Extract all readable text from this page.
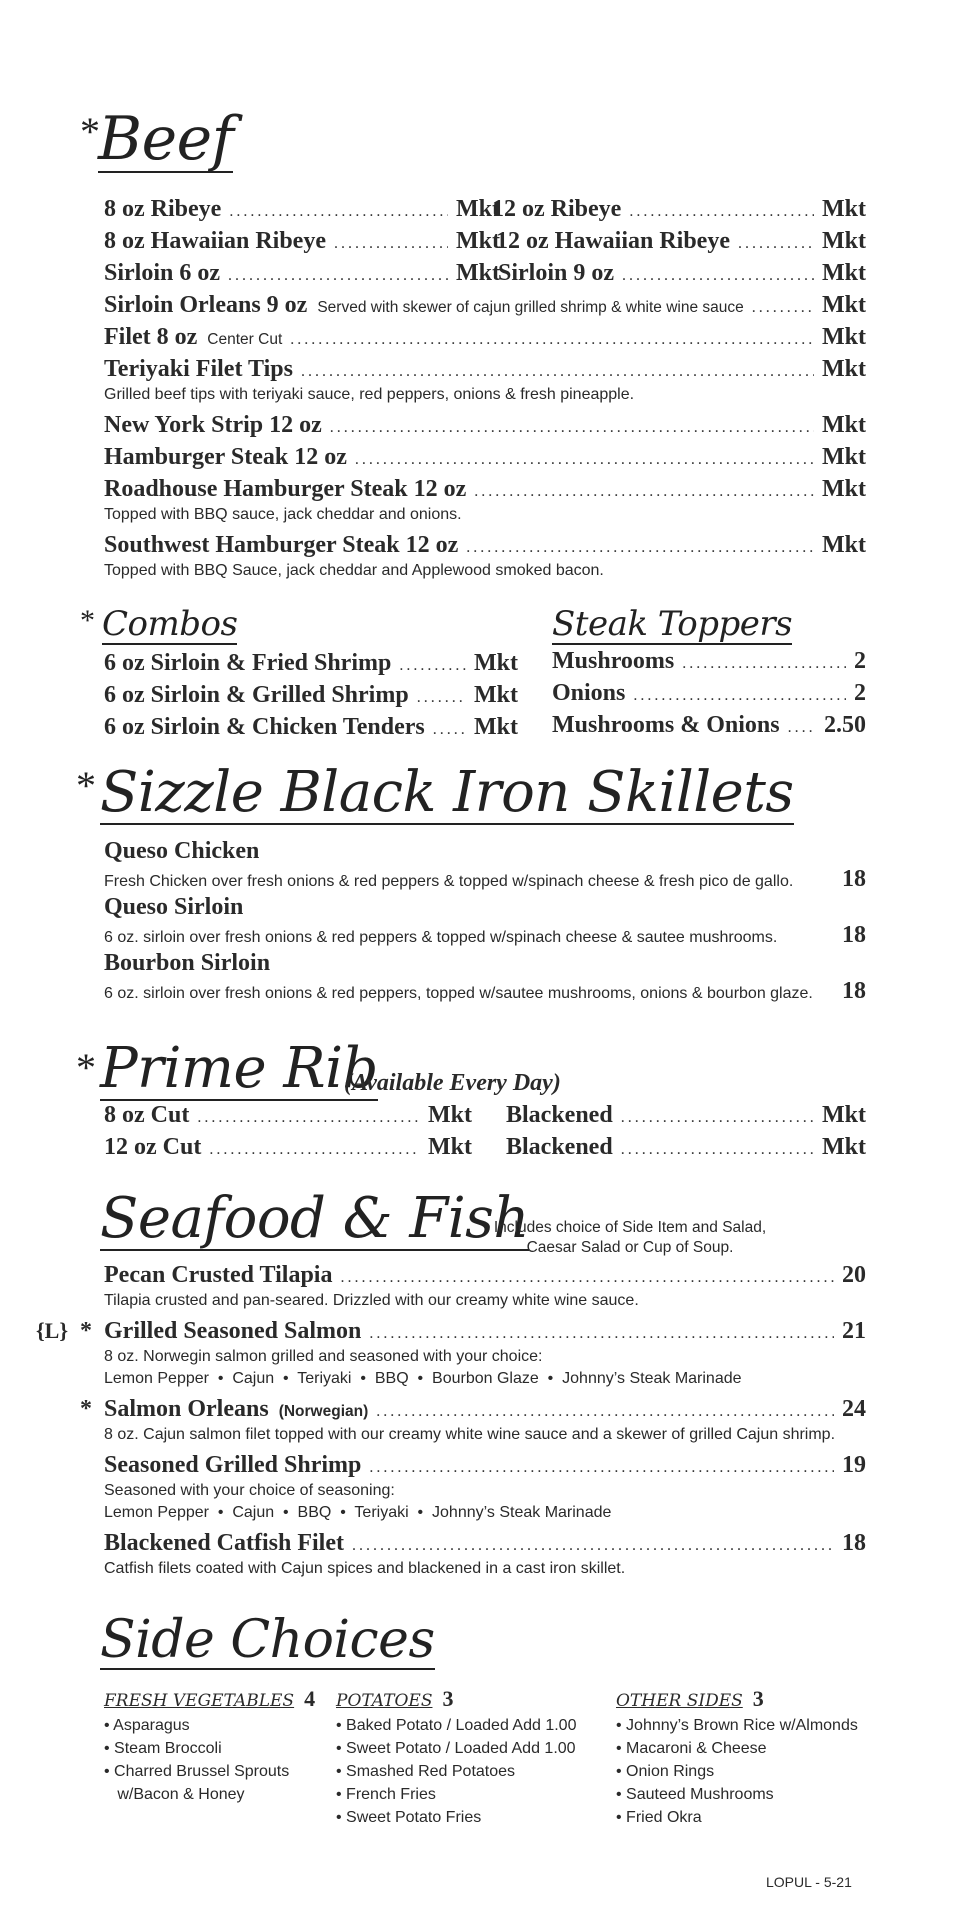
*
Beef
8 oz Ribeye .....	Mkt
12 oz Ribeye .....	Mkt
8 oz Hawaiian Ribeye .....	Mkt
12 oz Hawaiian Ribeye .....	Mkt
Sirloin 6 oz .....	Mkt
Sirloin 9 oz .....	Mkt
Sirloin Orleans 9 oz Served with skewer of cajun grilled shrimp & white wine sauce .....	Mkt
Filet 8 oz Center Cut .....	Mkt
Teriyaki Filet Tips .....	Mkt
Grilled beef tips with teriyaki sauce, red peppers, onions & fresh pineapple.
New York Strip 12 oz .....	Mkt
Hamburger Steak 12 oz .....	Mkt
Roadhouse Hamburger Steak 12 oz .....	Mkt
Topped with BBQ sauce, jack cheddar and onions.
Southwest Hamburger Steak 12 oz .....	Mkt
Topped with BBQ Sauce, jack cheddar and Applewood smoked bacon.
* Combos
6 oz Sirloin & Fried Shrimp .....	Mkt
6 oz Sirloin & Grilled Shrimp .....	Mkt
6 oz Sirloin & Chicken Tenders ..... Mkt
Steak Toppers
Mushrooms .....	2
Onions .....	2
Mushrooms & Onions ..... 2.50
* Sizzle Black Iron Skillets
Queso Chicken
Fresh Chicken over fresh onions & red peppers & topped w/spinach cheese & fresh pico de gallo. 18
Queso Sirloin
6 oz. sirloin over fresh onions & red peppers & topped w/spinach cheese & sautee mushrooms.	18
Bourbon Sirloin
6 oz. sirloin over fresh onions & red peppers, topped w/sautee mushrooms, onions & bourbon glaze. 18
* Prime Rib
(Available Every Day)
8 oz Cut .....	Mkt Blackened .....	Mkt
12 oz Cut .....	Mkt Blackened .....	Mkt
Seafood & Fish
Includes choice of Side Item and Salad,
Caesar Salad or Cup of Soup.
Pecan Crusted Tilapia .....	20
Tilapia crusted and pan-seared. Drizzled with our creamy white wine sauce.
{L} * Grilled Seasoned Salmon .....	21
8 oz. Norwegin salmon grilled and seasoned with your choice:
Lemon Pepper  •  Cajun  •  Teriyaki  •  BBQ  •  Bourbon Glaze  •  Johnny’s Steak Marinade
* Salmon Orleans (Norwegian) .....	24
8 oz. Cajun salmon filet topped with our creamy white wine sauce and a skewer of grilled Cajun shrimp.
Seasoned Grilled Shrimp .....	19
Seasoned with your choice of seasoning:
Lemon Pepper  •  Cajun  •  BBQ  •  Teriyaki  •  Johnny’s Steak Marinade
Blackened Catfish Filet .....	18
Catfish filets coated with Cajun spices and blackened in a cast iron skillet.
Side Choices
FRESH VEGETABLES 4
• Asparagus
• Steam Broccoli
• Charred Brussel Sprouts
w/Bacon & Honey
POTATOES 3
• Baked Potato / Loaded Add 1.00
• Sweet Potato / Loaded Add 1.00
• Smashed Red Potatoes
• French Fries
• Sweet Potato Fries
OTHER SIDES 3
• Johnny’s Brown Rice w/Almonds
• Macaroni & Cheese
• Onion Rings
• Sauteed Mushrooms
• Fried Okra
LOPUL - 5-21
